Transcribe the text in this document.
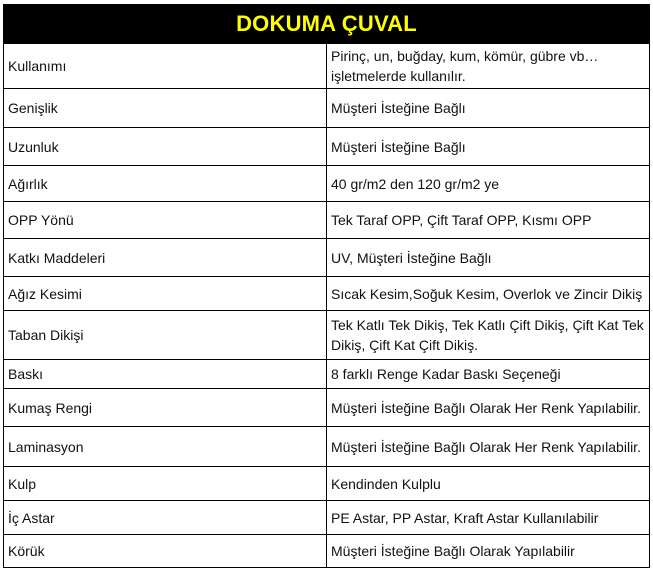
DOKUMA ÇUVAL	
Kullanımı	Pirinç, un, buğday, kum, kömür, gübre vb… işletmelerde kullanılır.
Genişlik	Müşteri İsteğine Bağlı
Uzunluk	Müşteri İsteğine Bağlı
Ağırlık	40 gr/m2 den 120 gr/m2 ye
OPP Yönü	Tek Taraf OPP, Çift Taraf OPP, Kısmı OPP
Katkı Maddeleri	UV, Müşteri İsteğine Bağlı
Ağız Kesimi	Sıcak Kesim,Soğuk Kesim, Overlok ve Zincir Dikiş
Taban Dikişi	Tek Katlı Tek Dikiş, Tek Katlı Çift Dikiş, Çift Kat Tek Dikiş, Çift Kat Çift Dikiş.
Baskı	8 farklı Renge Kadar Baskı Seçeneği
Kumaş Rengi	Müşteri İsteğine Bağlı Olarak Her Renk Yapılabilir.
Laminasyon	Müşteri İsteğine Bağlı Olarak Her Renk Yapılabilir.
Kulp	Kendinden Kulplu
İç Astar	PE Astar, PP Astar, Kraft Astar Kullanılabilir
Körük	Müşteri İsteğine Bağlı Olarak Yapılabilir
